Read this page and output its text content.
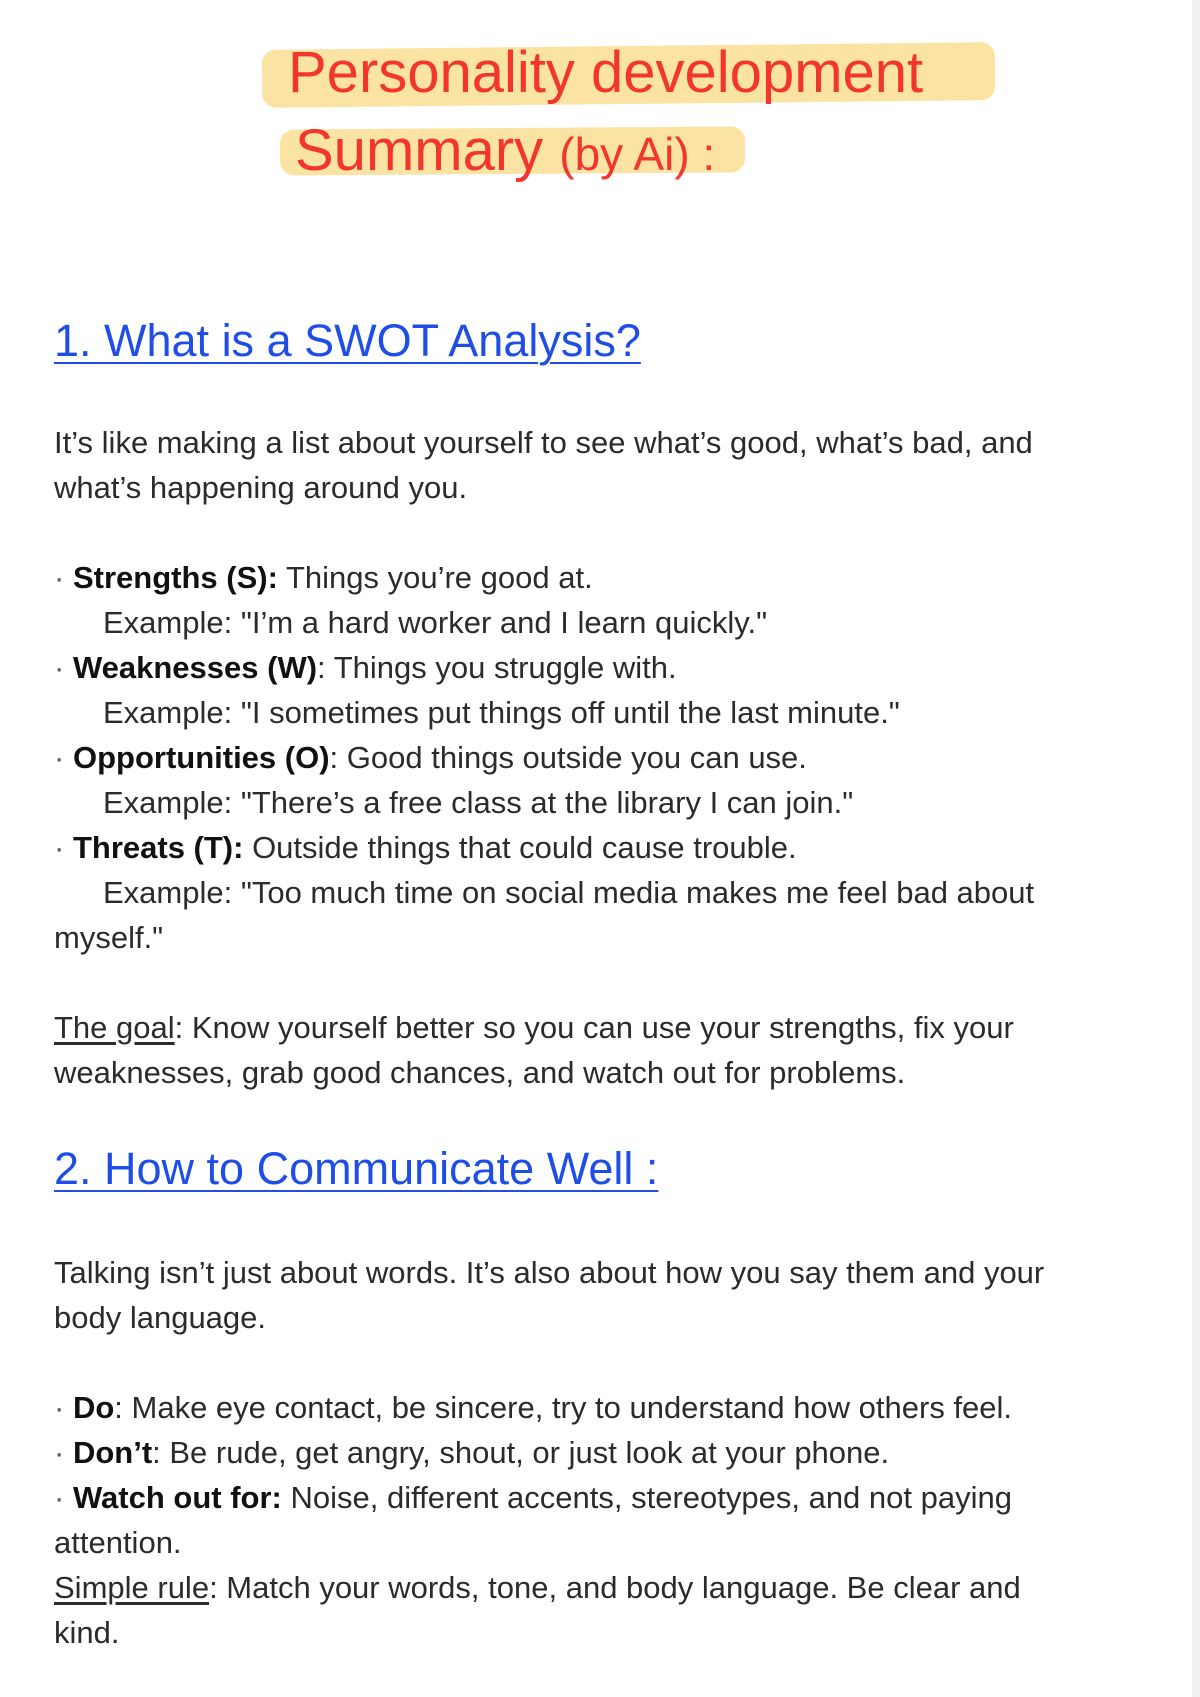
Personality development
Summary (by Ai) :
1. What is a SWOT Analysis?
It’s like making a list about yourself to see what’s good, what’s bad, and
what’s happening around you.
· Strengths (S): Things you’re good at.
Example: "I’m a hard worker and I learn quickly."
· Weaknesses (W): Things you struggle with.
Example: "I sometimes put things off until the last minute."
· Opportunities (O): Good things outside you can use.
Example: "There’s a free class at the library I can join."
· Threats (T): Outside things that could cause trouble.
Example: "Too much time on social media makes me feel bad about
myself."
The goal: Know yourself better so you can use your strengths, fix your
weaknesses, grab good chances, and watch out for problems.
2. How to Communicate Well :
Talking isn’t just about words. It’s also about how you say them and your
body language.
· Do: Make eye contact, be sincere, try to understand how others feel.
· Don’t: Be rude, get angry, shout, or just look at your phone.
· Watch out for: Noise, different accents, stereotypes, and not paying
attention.
Simple rule: Match your words, tone, and body language. Be clear and
kind.
